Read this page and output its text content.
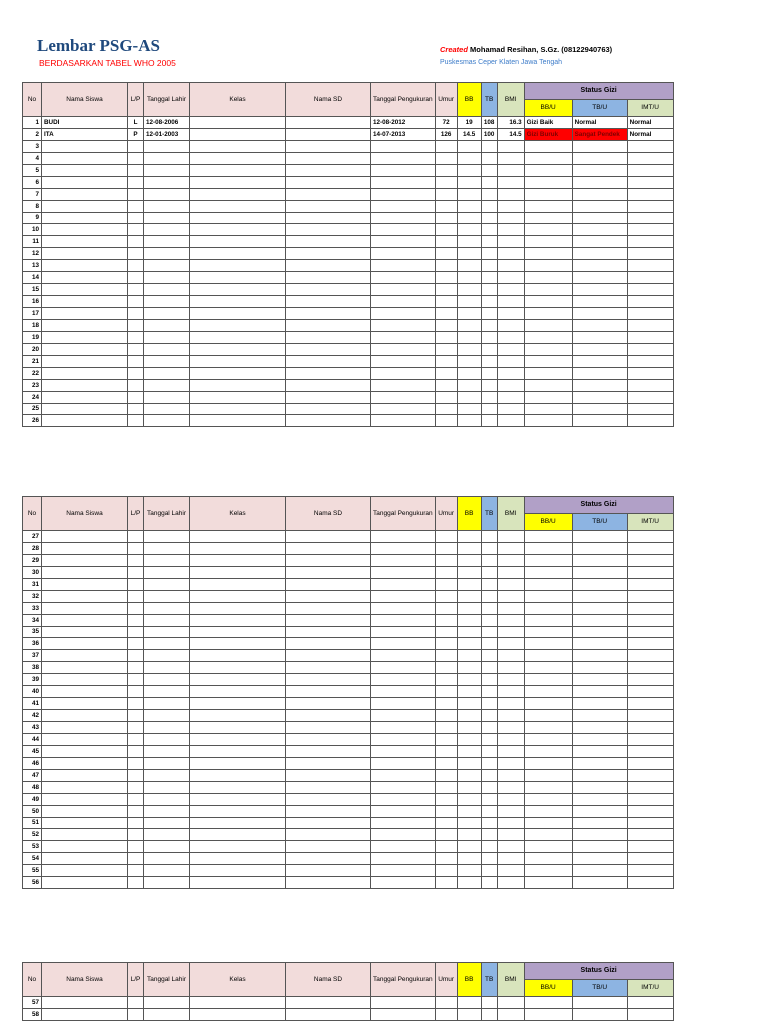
Lembar PSG-AS
BERDASARKAN TABEL WHO 2005
Created Mohamad Resihan, S.Gz. (08122940763)
Puskesmas Ceper Klaten Jawa Tengah
No	Nama Siswa	L/P	Tanggal Lahir	Kelas	Nama SD	Tanggal Pengukuran	Umur	BB	TB	BMI	Status Gizi		
											BB/U	TB/U	IMT/U
1	BUDI	L	12-08-2006			12-08-2012	72	19	108	16.3	Gizi Baik	Normal	Normal
2	ITA	P	12-01-2003			14-07-2013	126	14.5	100	14.5	Gizi Buruk	Sangat Pendek	Normal
3													
4													
5													
6													
7													
8													
9													
10													
11													
12													
13													
14													
15													
16													
17													
18													
19													
20													
21													
22													
23													
24													
25													
26													
No	Nama Siswa	L/P	Tanggal Lahir	Kelas	Nama SD	Tanggal Pengukuran	Umur	BB	TB	BMI	Status Gizi		
											BB/U	TB/U	IMT/U
27													
28													
29													
30													
31													
32													
33													
34													
35													
36													
37													
38													
39													
40													
41													
42													
43													
44													
45													
46													
47													
48													
49													
50													
51													
52													
53													
54													
55													
56													
No	Nama Siswa	L/P	Tanggal Lahir	Kelas	Nama SD	Tanggal Pengukuran	Umur	BB	TB	BMI	Status Gizi		
											BB/U	TB/U	IMT/U
57													
58													
